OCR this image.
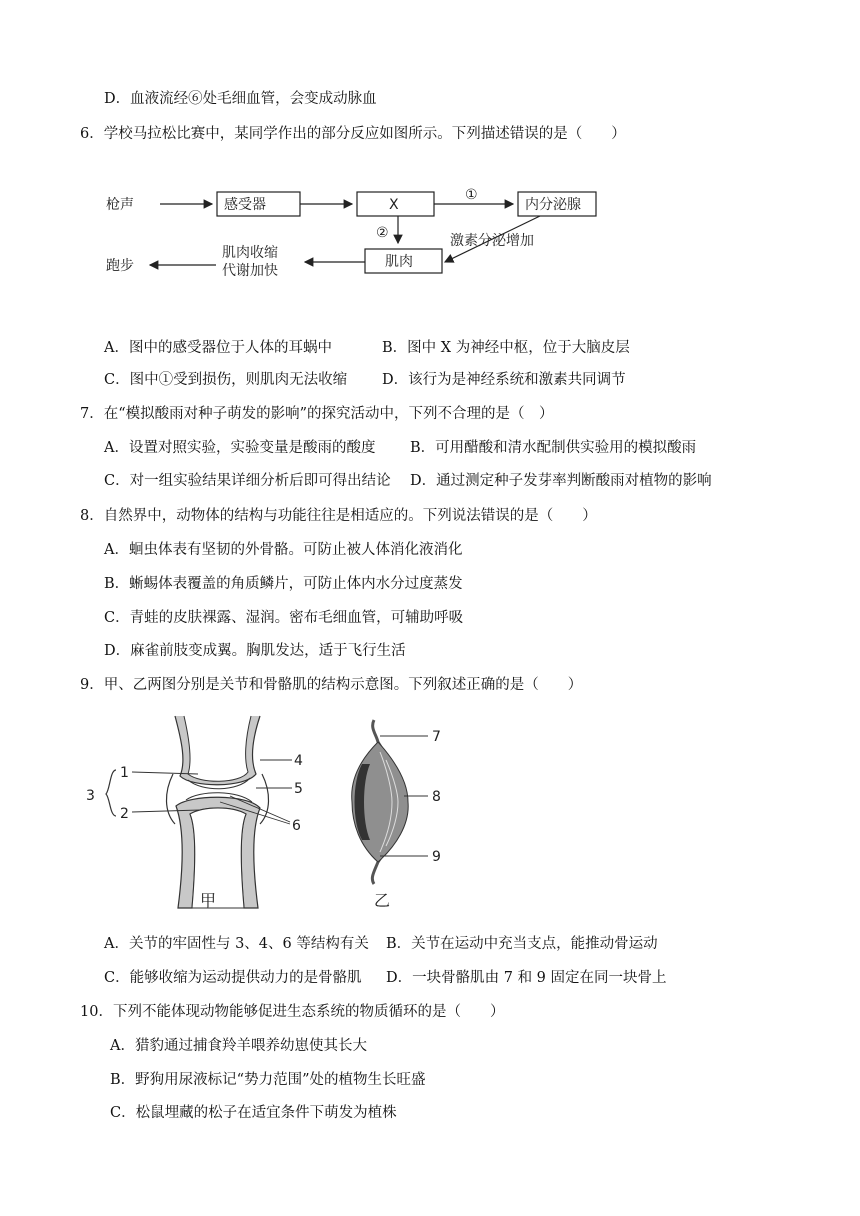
D．血液流经⑥处毛细血管，会变成动脉血
6．学校马拉松比赛中，某同学作出的部分反应如图所示。下列描述错误的是（　　）
枪声	感受器	X
①
内分泌腺
②	激素分泌增加
肌肉
肌肉收缩
代谢加快
跑步
A．图中的感受器位于人体的耳蜗中	B．图中 X 为神经中枢，位于大脑皮层
C．图中①受到损伤，则肌肉无法收缩 D．该行为是神经系统和激素共同调节
7．在“模拟酸雨对种子萌发的影响”的探究活动中，下列不合理的是（　）
A．设置对照实验，实验变量是酸雨的酸度 B．可用醋酸和清水配制供实验用的模拟酸雨
C．对一组实验结果详细分析后即可得出结论 D．通过测定种子发芽率判断酸雨对植物的影响
8．自然界中，动物体的结构与功能往往是相适应的。下列说法错误的是（　　）
A．蛔虫体表有坚韧的外骨骼。可防止被人体消化液消化
B．蜥蜴体表覆盖的角质鳞片，可防止体内水分过度蒸发
C．青蛙的皮肤裸露、湿润。密布毛细血管，可辅助呼吸
D．麻雀前肢变成翼。胸肌发达，适于飞行生活
9．甲、乙两图分别是关节和骨骼肌的结构示意图。下列叙述正确的是（　　）
1
2
3
4
5
6
甲
7
8
9
乙
A．关节的牢固性与 3、4、6 等结构有关 B．关节在运动中充当支点，能推动骨运动
C．能够收缩为运动提供动力的是骨骼肌 D．一块骨骼肌由 7 和 9 固定在同一块骨上
10．下列不能体现动物能够促进生态系统的物质循环的是（　　）
A．猎豹通过捕食羚羊喂养幼崽使其长大
B．野狗用尿液标记“势力范围”处的植物生长旺盛
C．松鼠埋藏的松子在适宜条件下萌发为植株
